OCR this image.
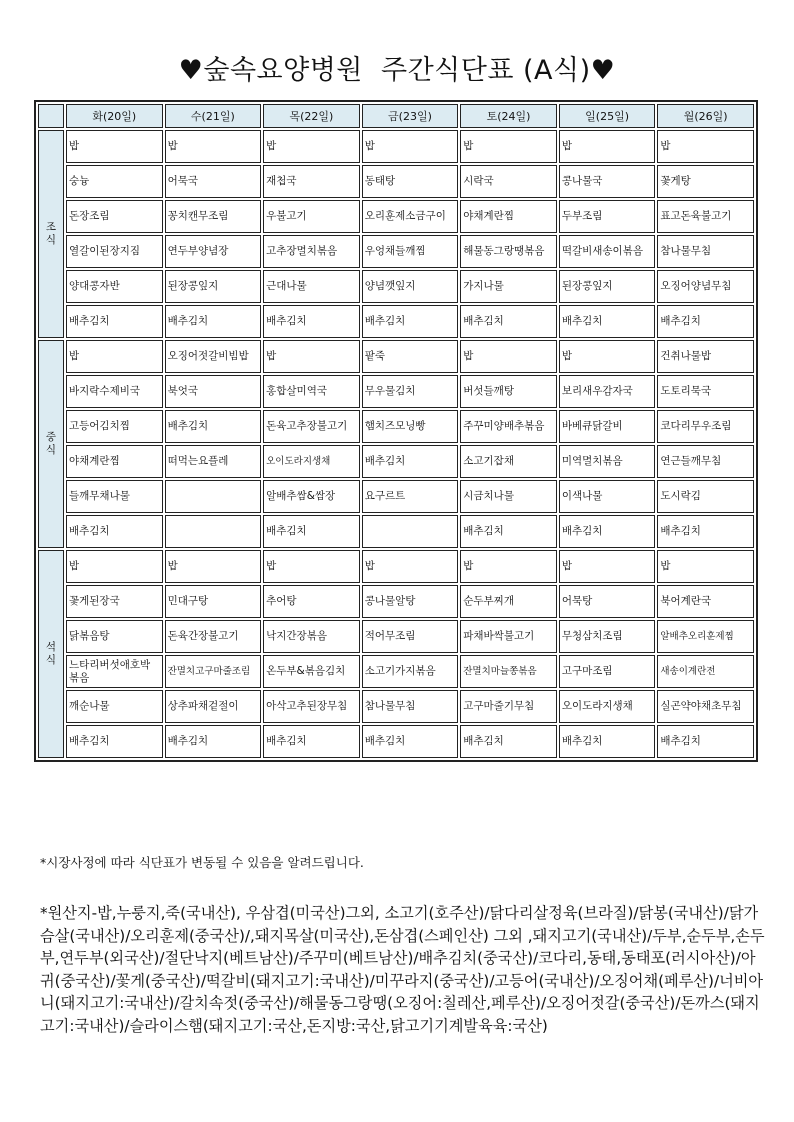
♥숲속요양병원  주간식단표 (A식)♥
	화(20일)	수(21일)	목(22일)	금(23일)	토(24일)	일(25일)	월(26일)

조
식	밥	밥	밥	밥	밥	밥	밥
	숭늉	어묵국	재첩국	동태탕	시락국	콩나물국	꽃게탕
	돈장조림	꽁치캔무조림	우불고기	오리훈제소금구이	야채계란찜	두부조림	표고돈육불고기
	열갈이된장지짐	연두부양념장	고추장멸치볶음	우엉채들깨찜	해물동그랑땡볶음	떡갈비새송이볶음	참나물무침
	양대콩자반	된장콩잎지	근대나물	양념깻잎지	가지나물	된장콩잎지	오징어양념무침
	배추김치	배추김치	배추김치	배추김치	배추김치	배추김치	배추김치

중
식	밥	오징어젓갈비빔밥	밥	팥죽	밥	밥	건취나물밥
	바지락수제비국	북엇국	홍합살미역국	무우물김치	버섯들깨탕	보리새우감자국	도토리묵국
	고등어김치찜	배추김치	돈육고추장불고기	햄치즈모닝빵	주꾸미양배추볶음	바베큐닭갈비	코다리무우조림
	야채계란찜	떠먹는요플레	오이도라지생채	배추김치	소고기잡채	미역멸치볶음	연근들깨무침
	들깨무채나물		알배추쌈&쌈장	요구르트	시금치나물	이색나물	도시락김
	배추김치		배추김치		배추김치	배추김치	배추김치

석
식	밥	밥	밥	밥	밥	밥	밥
	꽃게된장국	민대구탕	추어탕	콩나물알탕	순두부찌개	어묵탕	북어계란국
	닭볶음탕	돈육간장불고기	낙지간장볶음	적어무조림	파채바싹불고기	무청삼치조림	알배추오리훈제찜
	느타리버섯애호박볶음	잔멸치고구마줄조림	온두부&볶음김치	소고기가지볶음	잔멸치마늘쫑볶음	고구마조림	새송이계란전
	깨순나물	상추파채겉절이	아삭고추된장무침	참나물무침	고구마줄기무침	오이도라지생채	실곤약야채초무침
	배추김치	배추김치	배추김치	배추김치	배추김치	배추김치	배추김치
*시장사정에 따라 식단표가 변동될 수 있음을 알려드립니다.
*원산지-밥,누룽지,죽(국내산), 우삼겹(미국산)그외, 소고기(호주산)/닭다리살정육(브라질)/닭봉(국내산)/닭가슴살(국내산)/오리훈제(중국산)/,돼지목살(미국산),돈삼겹(스페인산) 그외 ,돼지고기(국내산)/두부,순두부,손두부,연두부(외국산)/절단낙지(베트남산)/주꾸미(베트남산)/배추김치(중국산)/코다리,동태,동태포(러시아산)/아귀(중국산)/꽃게(중국산)/떡갈비(돼지고기:국내산)/미꾸라지(중국산)/고등어(국내산)/오징어채(페루산)/너비아니(돼지고기:국내산)/갈치속젓(중국산)/해물동그랑땡(오징어:칠레산,페루산)/오징어젓갈(중국산)/돈까스(돼지고기:국내산)/슬라이스햄(돼지고기:국산,돈지방:국산,닭고기기계발육육:국산)
